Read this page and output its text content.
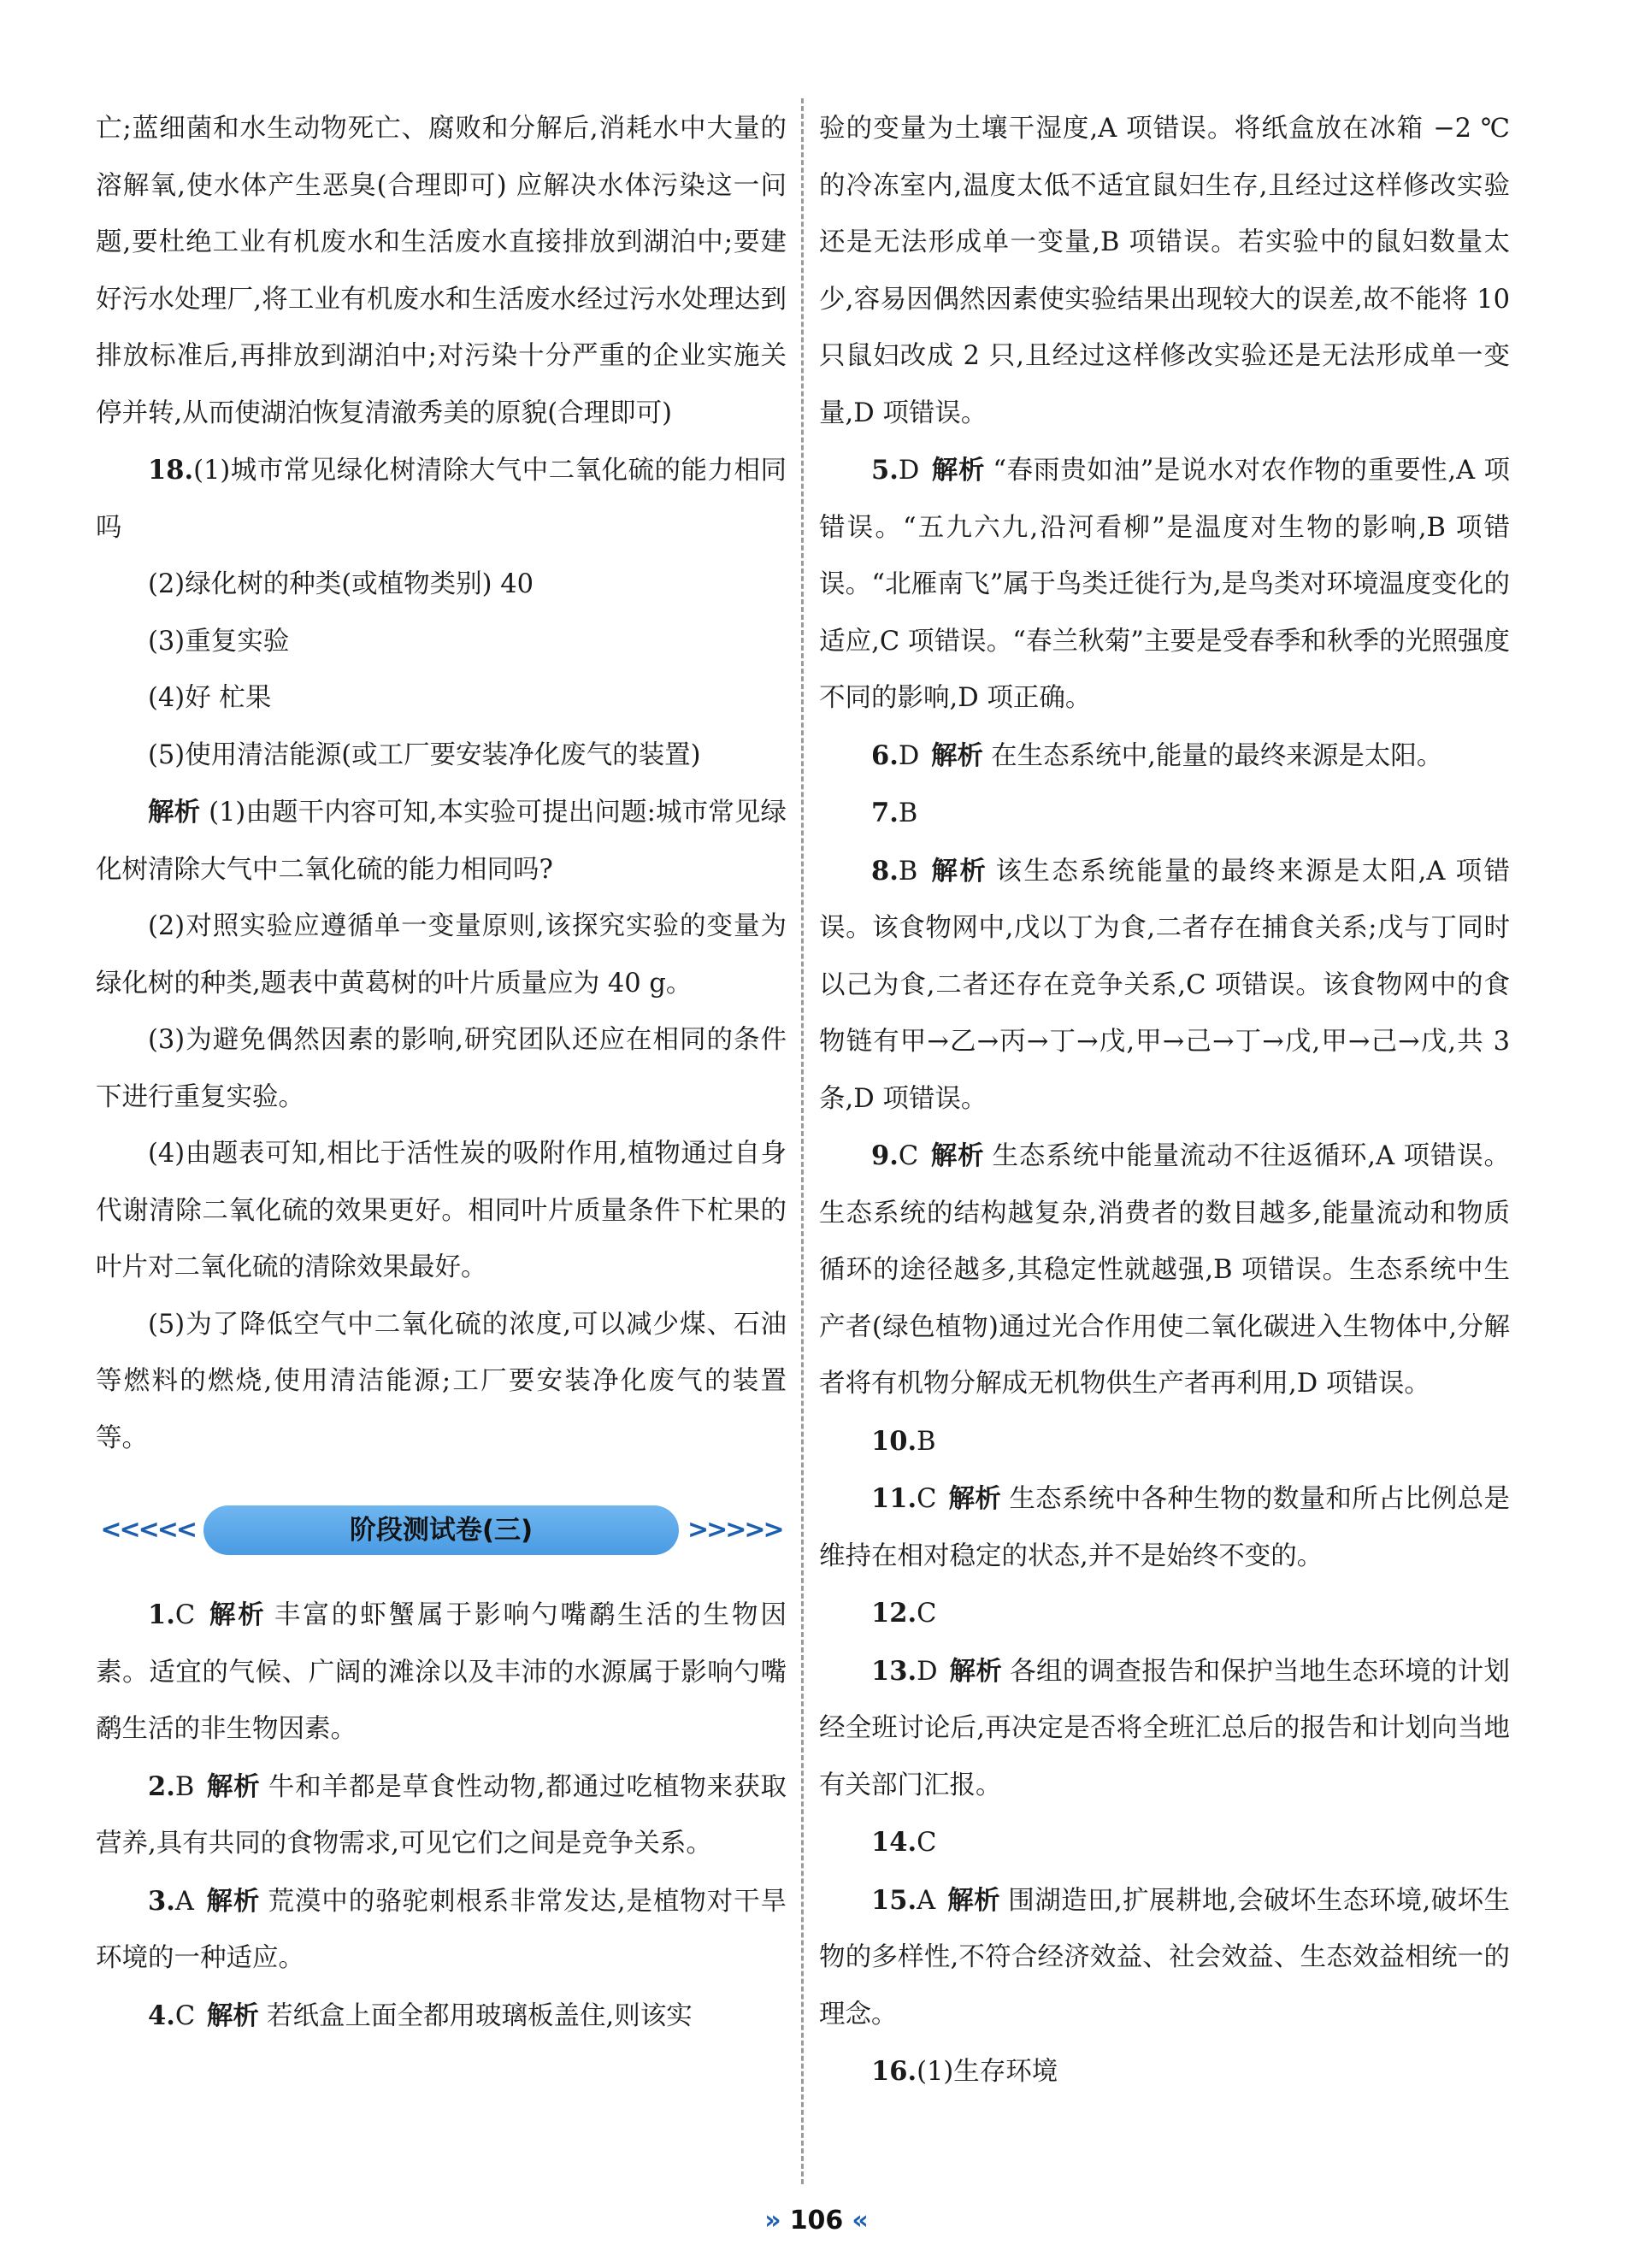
亡;蓝细菌和水生动物死亡、腐败和分解后,消耗水中大量的溶解氧,使水体产生恶臭(合理即可) 应解决水体污染这一问题,要杜绝工业有机废水和生活废水直接排放到湖泊中;要建好污水处理厂,将工业有机废水和生活废水经过污水处理达到排放标准后,再排放到湖泊中;对污染十分严重的企业实施关停并转,从而使湖泊恢复清澈秀美的原貌(合理即可)

18.(1)城市常见绿化树清除大气中二氧化硫的能力相同吗

(2)绿化树的种类(或植物类别) 40

(3)重复实验

(4)好 杧果

(5)使用清洁能源(或工厂要安装净化废气的装置)

解析 (1)由题干内容可知,本实验可提出问题:城市常见绿化树清除大气中二氧化硫的能力相同吗?

(2)对照实验应遵循单一变量原则,该探究实验的变量为绿化树的种类,题表中黄葛树的叶片质量应为 40 g。

(3)为避免偶然因素的影响,研究团队还应在相同的条件下进行重复实验。

(4)由题表可知,相比于活性炭的吸附作用,植物通过自身代谢清除二氧化硫的效果更好。相同叶片质量条件下杧果的叶片对二氧化硫的清除效果最好。

(5)为了降低空气中二氧化硫的浓度,可以减少煤、石油等燃料的燃烧,使用清洁能源;工厂要安装净化废气的装置等。

<<<<<	阶段测试卷(三)	>>>>>

1.C 解析 丰富的虾蟹属于影响勺嘴鹬生活的生物因素。适宜的气候、广阔的滩涂以及丰沛的水源属于影响勺嘴鹬生活的非生物因素。

2.B 解析 牛和羊都是草食性动物,都通过吃植物来获取营养,具有共同的食物需求,可见它们之间是竞争关系。

3.A 解析 荒漠中的骆驼刺根系非常发达,是植物对干旱环境的一种适应。

4.C 解析 若纸盒上面全都用玻璃板盖住,则该实

验的变量为土壤干湿度,A 项错误。将纸盒放在冰箱 −2 ℃的冷冻室内,温度太低不适宜鼠妇生存,且经过这样修改实验还是无法形成单一变量,B 项错误。若实验中的鼠妇数量太少,容易因偶然因素使实验结果出现较大的误差,故不能将 10 只鼠妇改成 2 只,且经过这样修改实验还是无法形成单一变量,D 项错误。

5.D 解析 “春雨贵如油”是说水对农作物的重要性,A 项错误。“五九六九,沿河看柳”是温度对生物的影响,B 项错误。“北雁南飞”属于鸟类迁徙行为,是鸟类对环境温度变化的适应,C 项错误。“春兰秋菊”主要是受春季和秋季的光照强度不同的影响,D 项正确。

6.D 解析 在生态系统中,能量的最终来源是太阳。

7.B

8.B 解析 该生态系统能量的最终来源是太阳,A 项错误。该食物网中,戊以丁为食,二者存在捕食关系;戊与丁同时以己为食,二者还存在竞争关系,C 项错误。该食物网中的食物链有甲→乙→丙→丁→戊,甲→己→丁→戊,甲→己→戊,共 3 条,D 项错误。

9.C 解析 生态系统中能量流动不往返循环,A 项错误。生态系统的结构越复杂,消费者的数目越多,能量流动和物质循环的途径越多,其稳定性就越强,B 项错误。生态系统中生产者(绿色植物)通过光合作用使二氧化碳进入生物体中,分解者将有机物分解成无机物供生产者再利用,D 项错误。

10.B

11.C 解析 生态系统中各种生物的数量和所占比例总是维持在相对稳定的状态,并不是始终不变的。

12.C

13.D 解析 各组的调查报告和保护当地生态环境的计划经全班讨论后,再决定是否将全班汇总后的报告和计划向当地有关部门汇报。

14.C

15.A 解析 围湖造田,扩展耕地,会破坏生态环境,破坏生物的多样性,不符合经济效益、社会效益、生态效益相统一的理念。

16.(1)生存环境

» 106 «
